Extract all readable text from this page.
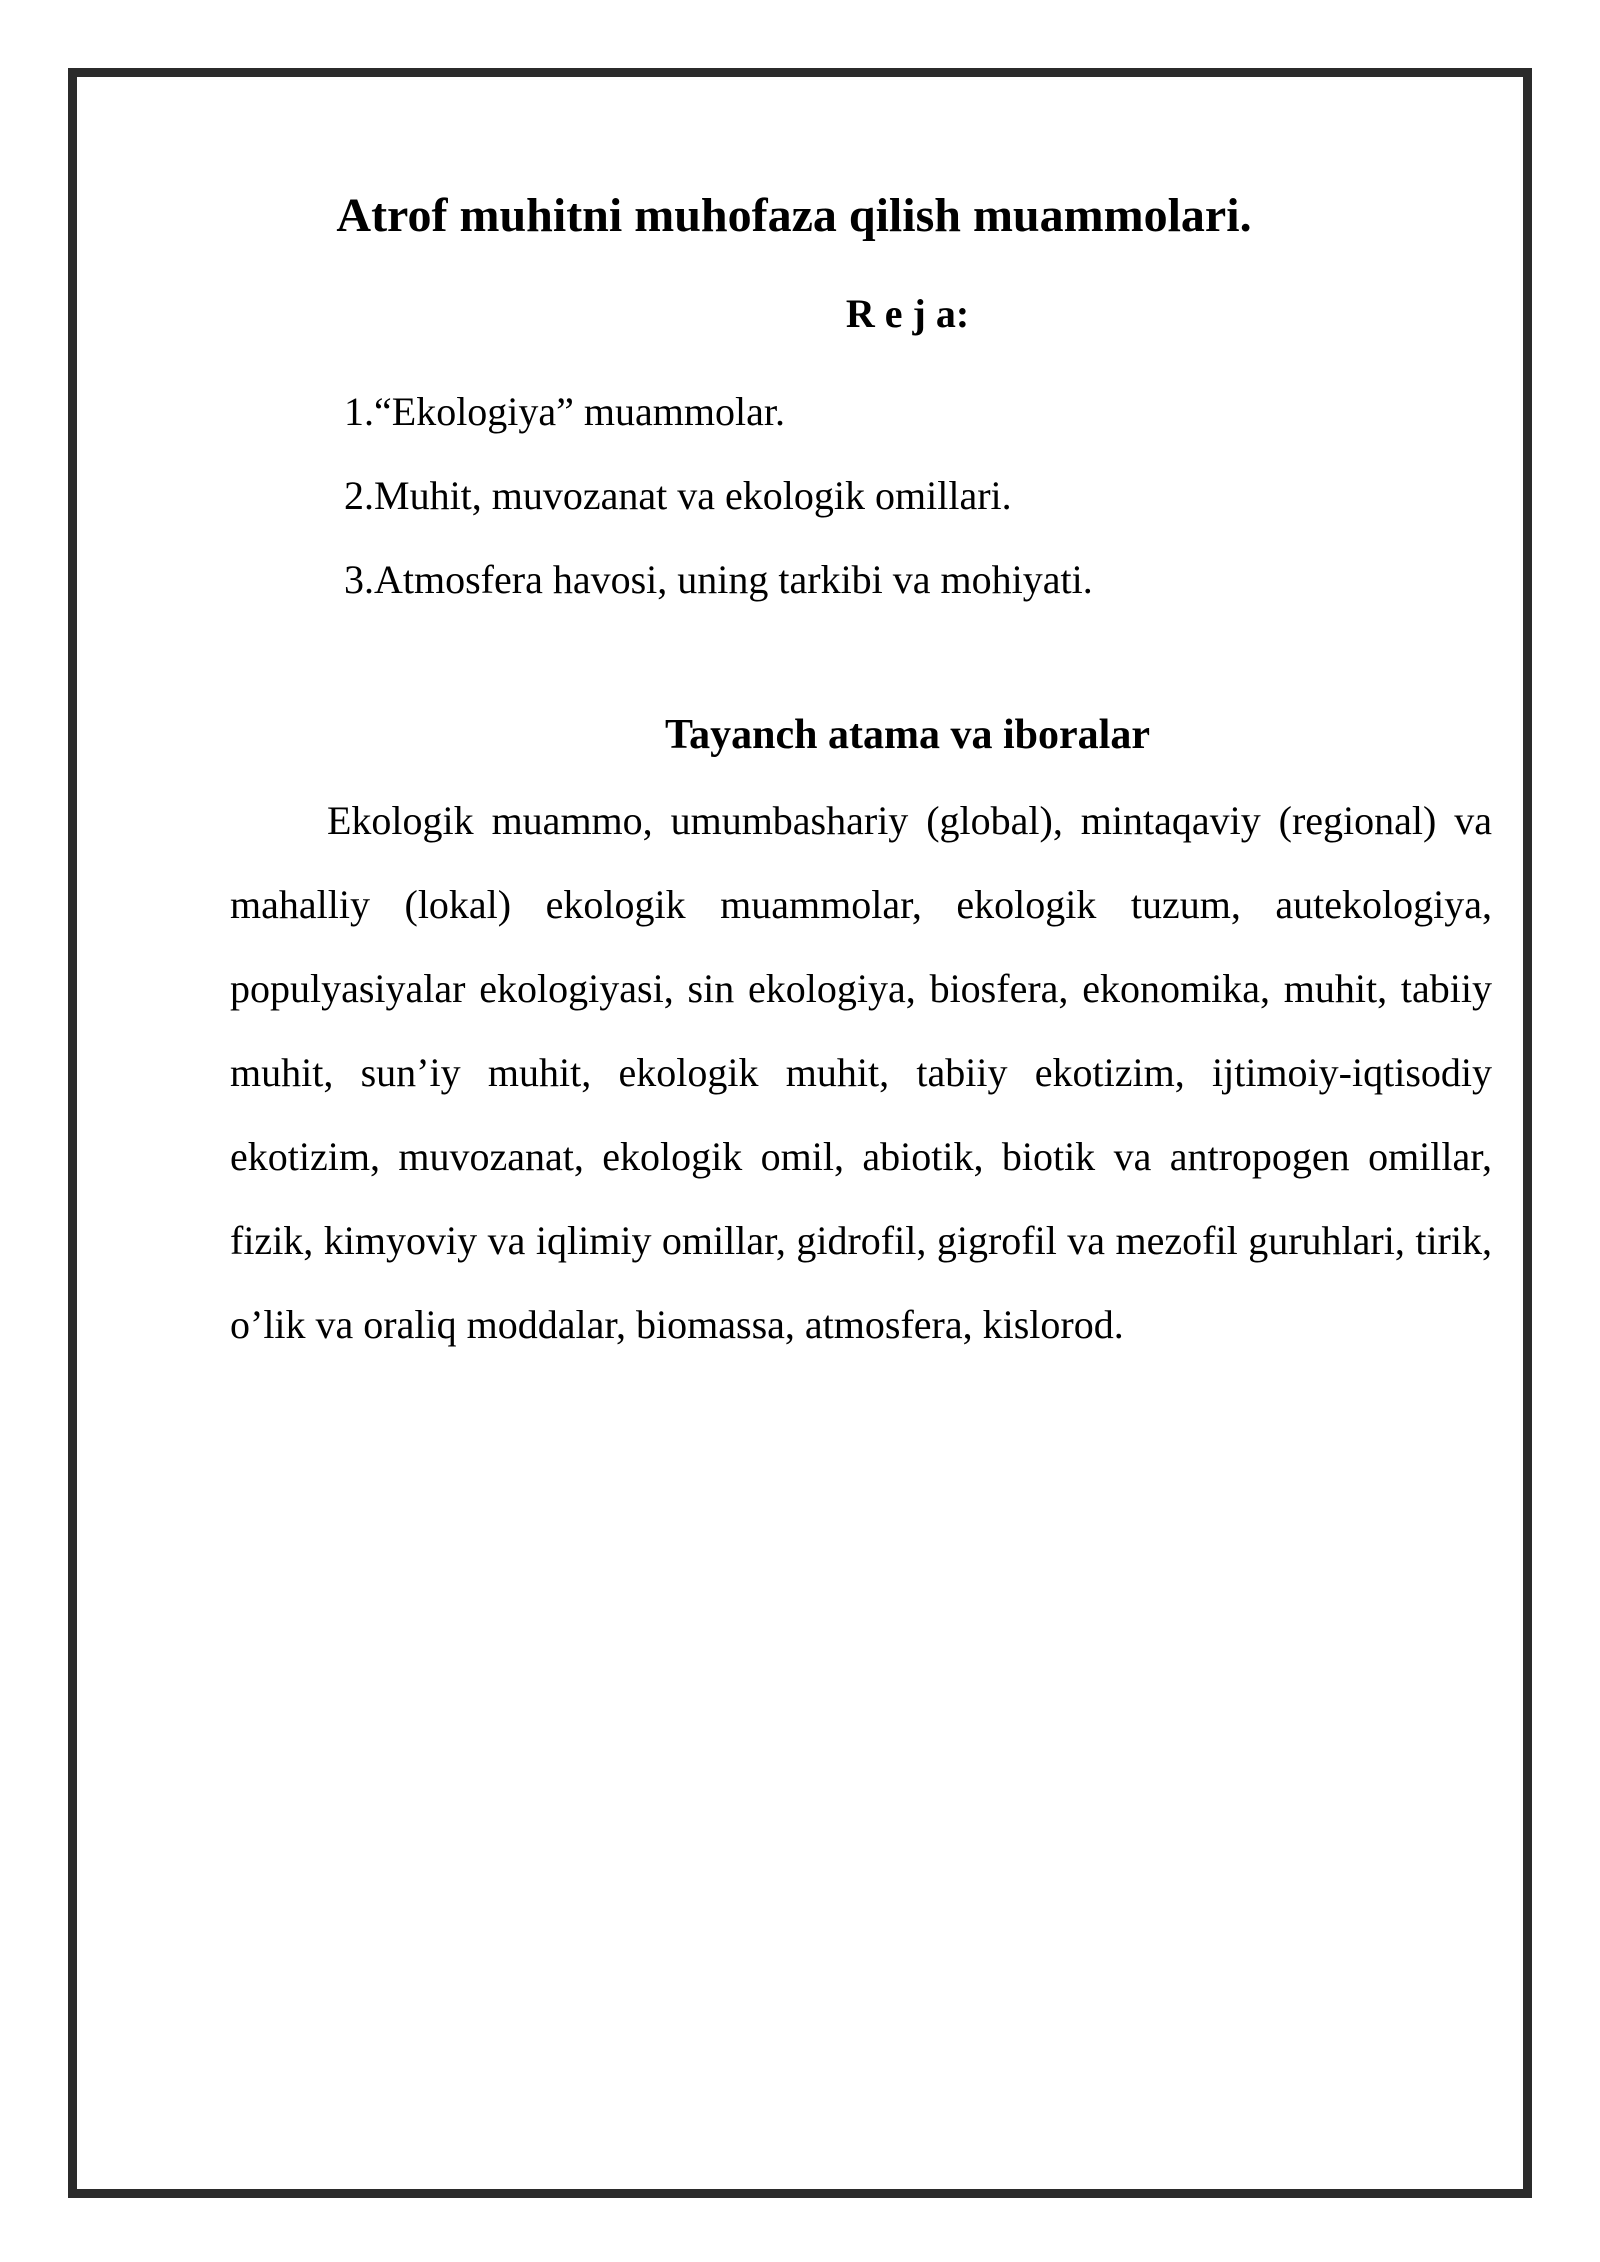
Atrof muhitni muhofaza qilish muammolari.
R e j a:
1.“Ekologiya” muammolar.
2.Muhit, muvozanat va ekologik omillari.
3.Atmosfera havosi, uning tarkibi va mohiyati.
Tayanch atama va iboralar

Ekologik muammo, umumbashariy (global), mintaqaviy (regional) va mahalliy (lokal) ekologik muammolar, ekologik tuzum, autekologiya, populyasiyalar ekologiyasi, sin ekologiya, biosfera, ekonomika, muhit, tabiiy muhit, sun’iy muhit, ekologik muhit, tabiiy ekotizim, ijtimoiy-iqtisodiy ekotizim, muvozanat, ekologik omil, abiotik, biotik va antropogen omillar, fizik, kimyoviy va iqlimiy omillar, gidrofil, gigrofil va mezofil guruhlari, tirik, o’lik va oraliq moddalar, biomassa, atmosfera, kislorod.
